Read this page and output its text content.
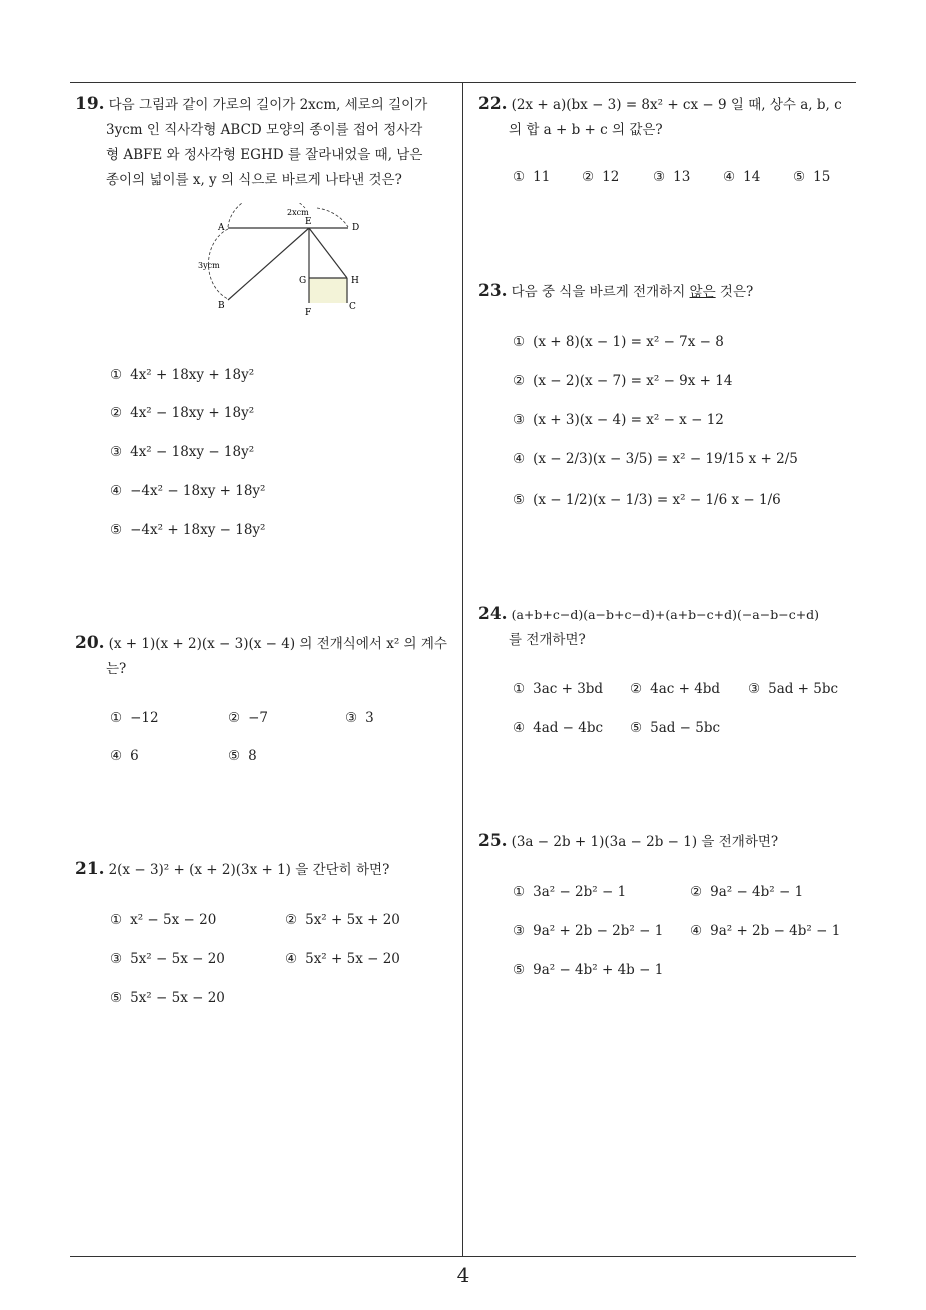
4
19. 다음 그림과 같이 가로의 길이가 2xcm, 세로의 길이가
3ycm 인 직사각형 ABCD 모양의 종이를 접어 정사각
형 ABFE 와 정사각형 EGHD 를 잘라내었을 때, 남은
종이의 넓이를 x, y 의 식으로 바르게 나타낸 것은?
2xcm
3ycm
A
E
D
G	H
B
F
C
① 4x² + 18xy + 18y²
② 4x² − 18xy + 18y²
③ 4x² − 18xy − 18y²
④ −4x² − 18xy + 18y²
⑤ −4x² + 18xy − 18y²
20. (x + 1)(x + 2)(x − 3)(x − 4) 의 전개식에서 x² 의 계수
는?
① −12	② −7	③ 3
④ 6	⑤ 8
21. 2(x − 3)² + (x + 2)(3x + 1) 을 간단히 하면?
① x² − 5x − 20	② 5x² + 5x + 20
③ 5x² − 5x − 20	④ 5x² + 5x − 20
⑤ 5x² − 5x − 20
22. (2x + a)(bx − 3) = 8x² + cx − 9 일 때, 상수 a, b, c
의 합 a + b + c 의 값은?
① 11 ② 12 ③ 13 ④ 14 ⑤ 15
23. 다음 중 식을 바르게 전개하지 않은 것은?
① (x + 8)(x − 1) = x² − 7x − 8
② (x − 2)(x − 7) = x² − 9x + 14
③ (x + 3)(x − 4) = x² − x − 12
④ (x − 2/3)(x − 3/5) = x² − 19/15 x + 2/5
⑤ (x − 1/2)(x − 1/3) = x² − 1/6 x − 1/6
24. (a+b+c−d)(a−b+c−d)+(a+b−c+d)(−a−b−c+d)
를 전개하면?
① 3ac + 3bd ② 4ac + 4bd ③ 5ad + 5bc
④ 4ad − 4bc ⑤ 5ad − 5bc
25. (3a − 2b + 1)(3a − 2b − 1) 을 전개하면?
① 3a² − 2b² − 1	② 9a² − 4b² − 1
③ 9a² + 2b − 2b² − 1 ④ 9a² + 2b − 4b² − 1
⑤ 9a² − 4b² + 4b − 1
